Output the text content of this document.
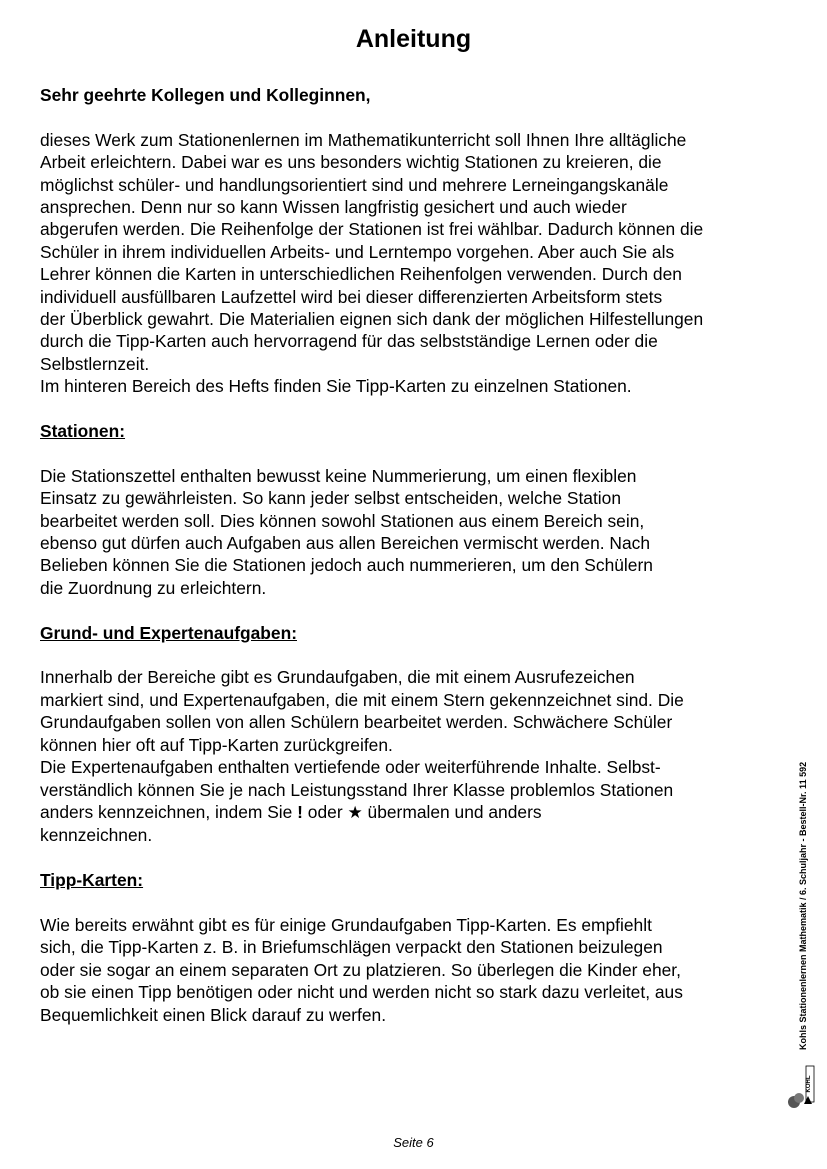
Anleitung

Sehr geehrte Kollegen und Kolleginnen,

dieses Werk zum Stationenlernen im Mathematikunterricht soll Ihnen Ihre alltägliche
Arbeit erleichtern. Dabei war es uns besonders wichtig Stationen zu kreieren, die
möglichst schüler- und handlungsorientiert sind und mehrere Lerneingangskanäle
ansprechen. Denn nur so kann Wissen langfristig gesichert und auch wieder
abgerufen werden. Die Reihenfolge der Stationen ist frei wählbar. Dadurch können die
Schüler in ihrem individuellen Arbeits- und Lerntempo vorgehen. Aber auch Sie als
Lehrer können die Karten in unterschiedlichen Reihenfolgen verwenden. Durch den
individuell ausfüllbaren Laufzettel wird bei dieser differenzierten Arbeitsform stets
der Überblick gewahrt. Die Materialien eignen sich dank der möglichen Hilfestellungen
durch die Tipp-Karten auch hervorragend für das selbstständige Lernen oder die
Selbstlernzeit.
Im hinteren Bereich des Hefts finden Sie Tipp-Karten zu einzelnen Stationen.

Stationen:

Die Stationszettel enthalten bewusst keine Nummerierung, um einen flexiblen
Einsatz zu gewährleisten. So kann jeder selbst entscheiden, welche Station
bearbeitet werden soll. Dies können sowohl Stationen aus einem Bereich sein,
ebenso gut dürfen auch Aufgaben aus allen Bereichen vermischt werden. Nach
Belieben können Sie die Stationen jedoch auch nummerieren, um den Schülern
die Zuordnung zu erleichtern.

Grund- und Expertenaufgaben:

Innerhalb der Bereiche gibt es Grundaufgaben, die mit einem Ausrufezeichen
markiert sind, und Expertenaufgaben, die mit einem Stern gekennzeichnet sind. Die
Grundaufgaben sollen von allen Schülern bearbeitet werden. Schwächere Schüler
können hier oft auf Tipp-Karten zurückgreifen.
Die Expertenaufgaben enthalten vertiefende oder weiterführende Inhalte. Selbst-
verständlich können Sie je nach Leistungsstand Ihrer Klasse problemlos Stationen
anders kennzeichnen, indem Sie ! oder ★ übermalen und anders
kennzeichnen.

Tipp-Karten:

Wie bereits erwähnt gibt es für einige Grundaufgaben Tipp-Karten. Es empfiehlt
sich, die Tipp-Karten z. B. in Briefumschlägen verpackt den Stationen beizulegen
oder sie sogar an einem separaten Ort zu platzieren. So überlegen die Kinder eher,
ob sie einen Tipp benötigen oder nicht und werden nicht so stark dazu verleitet, aus
Bequemlichkeit einen Blick darauf zu werfen.	Kohls Stationenlernen Mathematik / 6. Schuljahr - Bestell-Nr. 11 592
KOHL
Seite 6
